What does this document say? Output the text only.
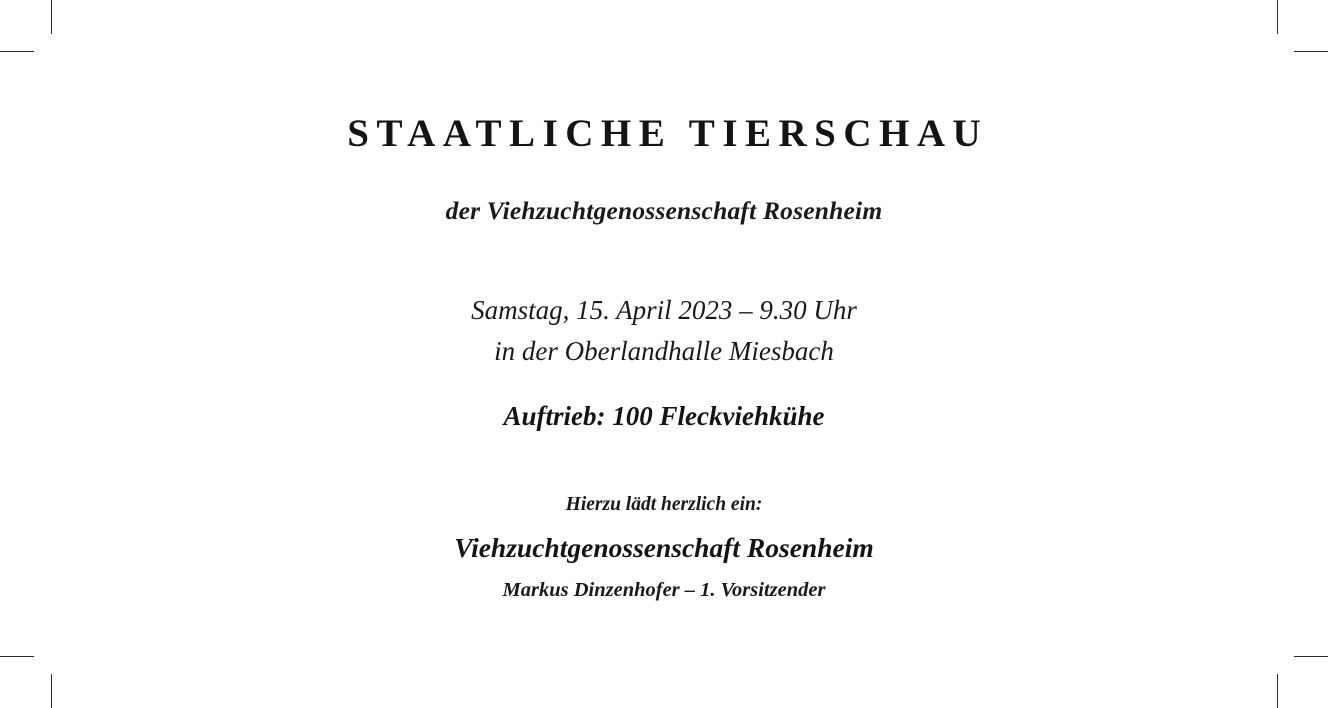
STAATLICHE TIERSCHAU
der Viehzuchtgenossenschaft Rosenheim
Samstag, 15. April 2023 – 9.30 Uhr
in der Oberlandhalle Miesbach
Auftrieb: 100 Fleckviehkühe
Hierzu lädt herzlich ein:
Viehzuchtgenossenschaft Rosenheim
Markus Dinzenhofer – 1. Vorsitzender
